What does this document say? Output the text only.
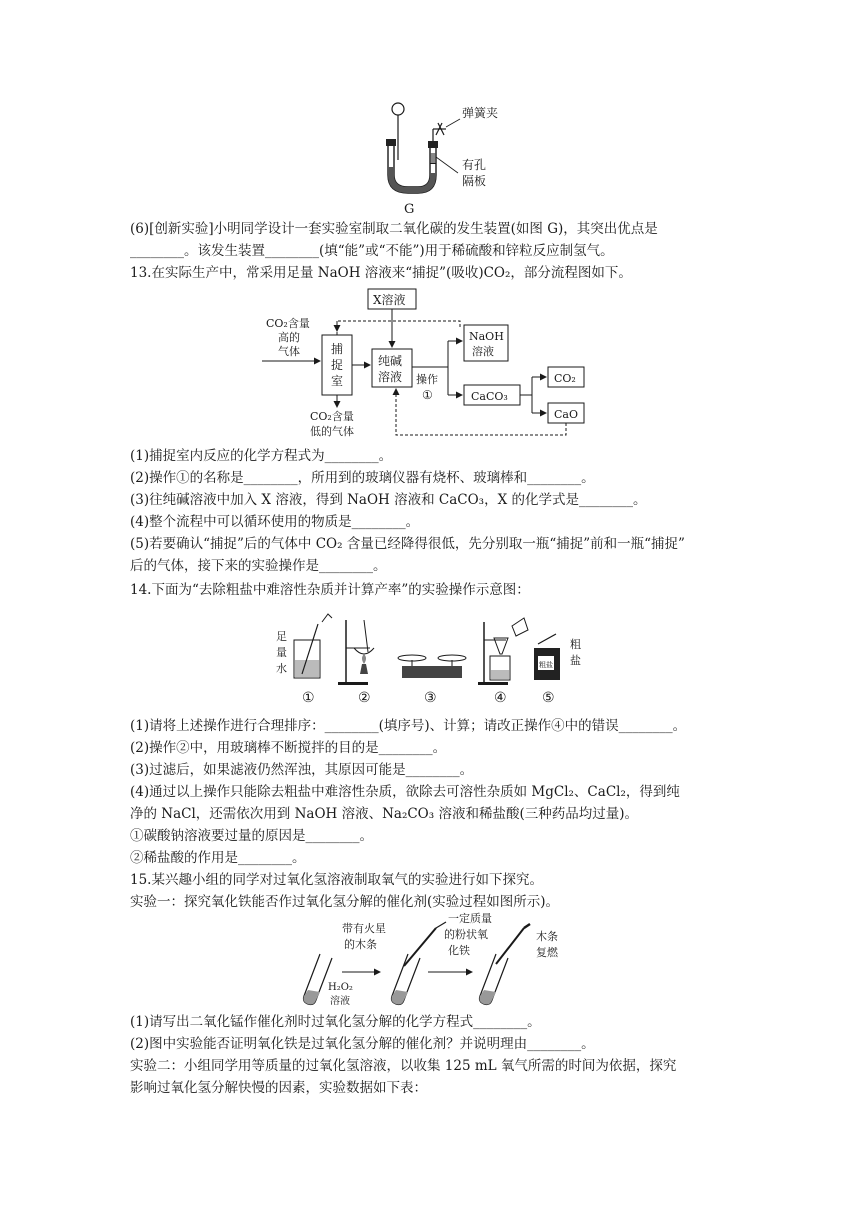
弹簧夹
有孔
隔板
G
(6)[创新实验]小明同学设计一套实验室制取二氧化碳的发生装置(如图 G)，其突出优点是
________。该发生装置________(填“能”或“不能”)用于稀硫酸和锌粒反应制氢气。
13.在实际生产中，常采用足量 NaOH 溶液来“捕捉”(吸收)CO₂，部分流程图如下。
X溶液
CO₂含量
高的
气体	捕
捉
室
CO₂含量
低的气体
纯碱
溶液 操作
①
NaOH
溶液
CaCO₃
CO₂
CaO
(1)捕捉室内反应的化学方程式为________。
(2)操作①的名称是________，所用到的玻璃仪器有烧杯、玻璃棒和________。
(3)往纯碱溶液中加入 X 溶液，得到 NaOH 溶液和 CaCO₃，X 的化学式是________。
(4)整个流程中可以循环使用的物质是________。
(5)若要确认“捕捉”后的气体中 CO₂ 含量已经降得很低，先分别取一瓶“捕捉”前和一瓶“捕捉”
后的气体，接下来的实验操作是________。
14.下面为“去除粗盐中难溶性杂质并计算产率”的实验操作示意图：
足
量
水
①	②	③	④
粗盐
粗
盐
⑤
(1)请将上述操作进行合理排序：________(填序号)、计算；请改正操作④中的错误________。
(2)操作②中，用玻璃棒不断搅拌的目的是________。
(3)过滤后，如果滤液仍然浑浊，其原因可能是________。
(4)通过以上操作只能除去粗盐中难溶性杂质，欲除去可溶性杂质如 MgCl₂、CaCl₂，得到纯
净的 NaCl，还需依次用到 NaOH 溶液、Na₂CO₃ 溶液和稀盐酸(三种药品均过量)。
①碳酸钠溶液要过量的原因是________。
②稀盐酸的作用是________。
15.某兴趣小组的同学对过氧化氢溶液制取氧气的实验进行如下探究。
实验一：探究氧化铁能否作过氧化氢分解的催化剂(实验过程如图所示)。
带有火星
的木条
H₂O₂
溶液
一定质量
的粉状氧
化铁
木条
复燃
(1)请写出二氧化锰作催化剂时过氧化氢分解的化学方程式________。
(2)图中实验能否证明氧化铁是过氧化氢分解的催化剂？并说明理由________。
实验二：小组同学用等质量的过氧化氢溶液，以收集 125 mL 氧气所需的时间为依据，探究
影响过氧化氢分解快慢的因素，实验数据如下表：
